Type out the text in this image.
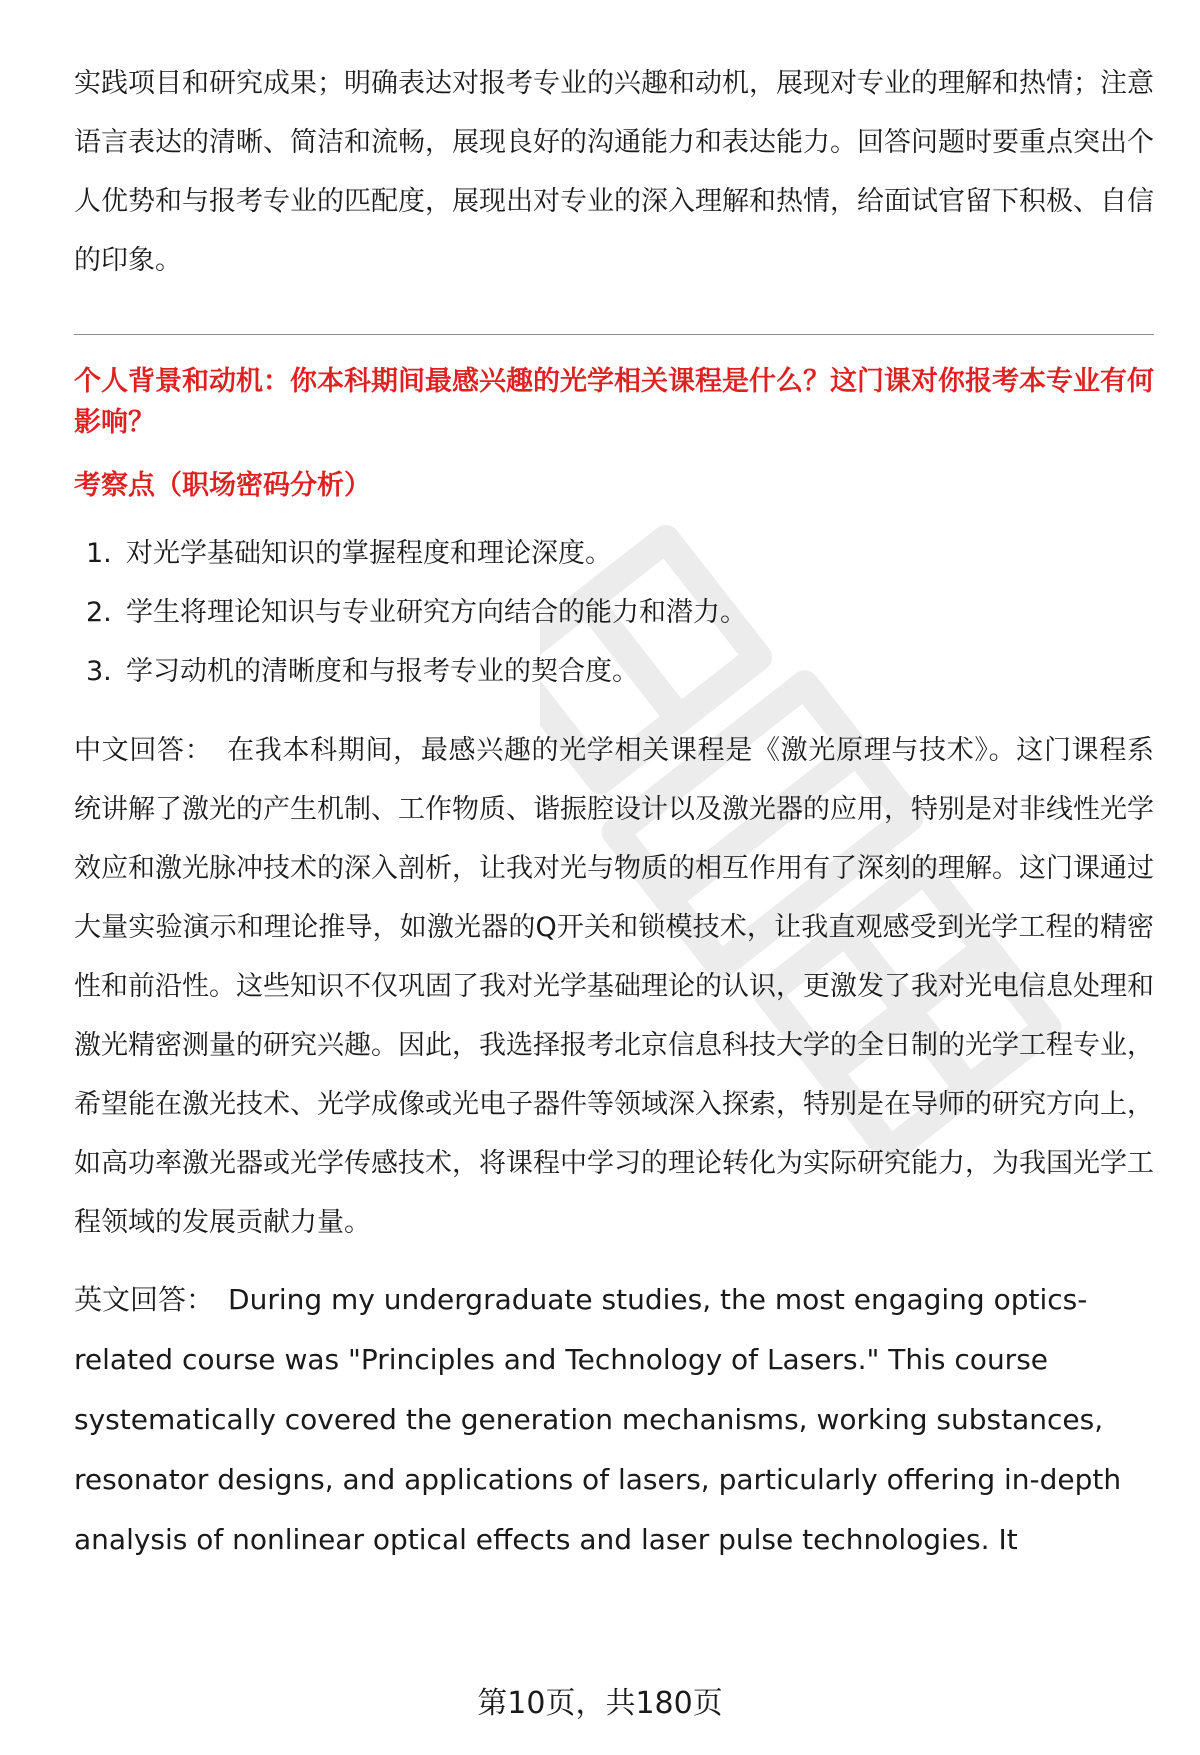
实践项目和研究成果；明确表达对报考专业的兴趣和动机，展现对专业的理解和热情；注意语言表达的清晰、简洁和流畅，展现良好的沟通能力和表达能力。回答问题时要重点突出个人优势和与报考专业的匹配度，展现出对专业的深入理解和热情，给面试官留下积极、自信的印象。

个人背景和动机：你本科期间最感兴趣的光学相关课程是什么？这门课对你报考本专业有何影响？

考察点（职场密码分析）

1. 对光学基础知识的掌握程度和理论深度。
2. 学生将理论知识与专业研究方向结合的能力和潜力。
3. 学习动机的清晰度和与报考专业的契合度。

中文回答： 在我本科期间，最感兴趣的光学相关课程是《激光原理与技术》。这门课程系统讲解了激光的产生机制、工作物质、谐振腔设计以及激光器的应用，特别是对非线性光学效应和激光脉冲技术的深入剖析，让我对光与物质的相互作用有了深刻的理解。这门课通过大量实验演示和理论推导，如激光器的Q开关和锁模技术，让我直观感受到光学工程的精密性和前沿性。这些知识不仅巩固了我对光学基础理论的认识，更激发了我对光电信息处理和激光精密测量的研究兴趣。因此，我选择报考北京信息科技大学的全日制的光学工程专业，希望能在激光技术、光学成像或光电子器件等领域深入探索，特别是在导师的研究方向上，如高功率激光器或光学传感技术，将课程中学习的理论转化为实际研究能力，为我国光学工程领域的发展贡献力量。

英文回答： During my undergraduate studies, the most engaging optics-related course was "Principles and Technology of Lasers." This course systematically covered the generation mechanisms, working substances, resonator designs, and applications of lasers, particularly offering in-depth analysis of nonlinear optical effects and laser pulse technologies. It

第10页，共180页
